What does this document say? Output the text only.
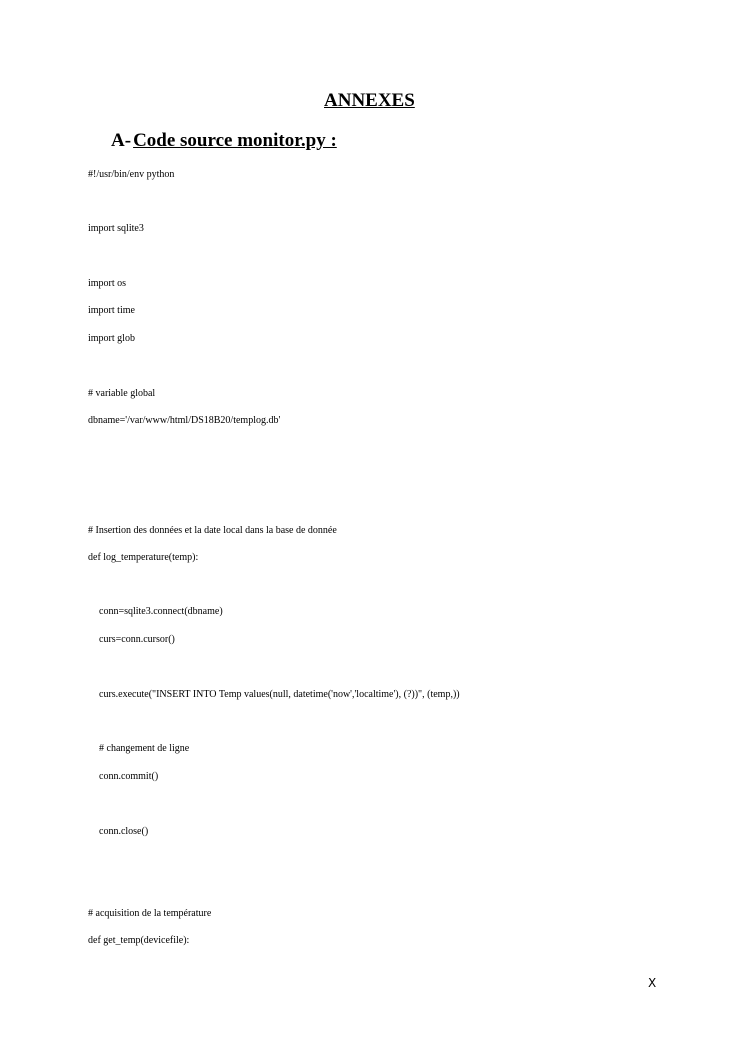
ANNEXES
A- Code source monitor.py :
#!/usr/bin/env python
import sqlite3
import os
import time
import glob
# variable global
dbname='/var/www/html/DS18B20/templog.db'
# Insertion des données et la date local dans la base de donnée
def log_temperature(temp):
conn=sqlite3.connect(dbname)
curs=conn.cursor()
curs.execute("INSERT INTO Temp values(null, datetime('now','localtime'), (?))", (temp,))
# changement de ligne
conn.commit()
conn.close()
# acquisition de la température
def get_temp(devicefile):
X
